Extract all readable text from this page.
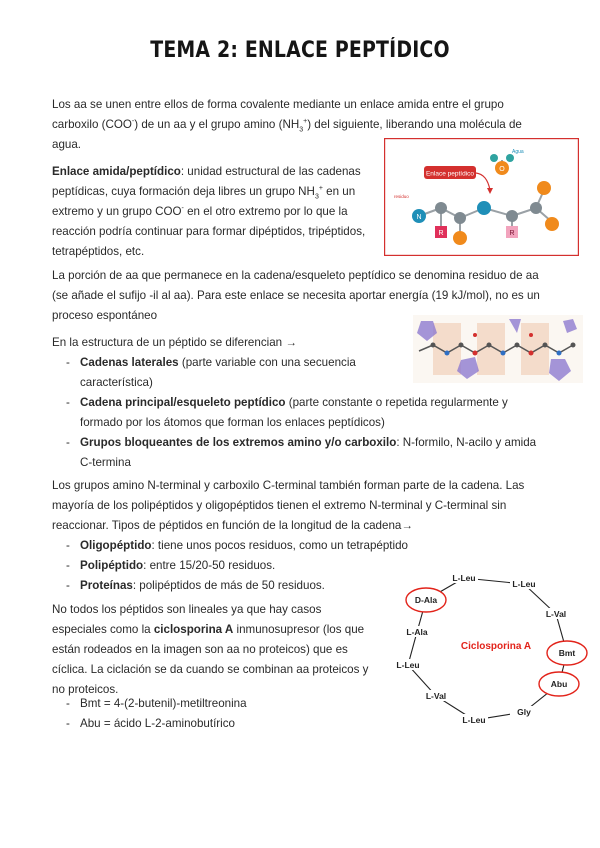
TEMA 2: ENLACE PEPTÍDICO

Los aa se unen entre ellos de forma covalente mediante un enlace amida entre el grupo carboxilo (COO-) de un aa y el grupo amino $(NH_3^+)$ del siguiente, liberando una molécula de agua.

Enlace amida/peptídico: unidad estructural de las cadenas peptídicas, cuya formación deja libres un grupo $NH_3^+$ en un extremo y un grupo COO- en el otro extremo por lo que la reacción podría continuar para formar dipéptidos, tripéptidos, tetrapéptidos, etc.

Enlace peptídico
Agua
residuo
N
R	R
O

La porción de aa que permanece en la cadena/esqueleto peptídico se denomina residuo de aa (se añade el sufijo -il al aa). Para este enlace se necesita aportar energía (19 kJ/mol), no es un proceso espontáneo

En la estructura de un péptido se diferencian →

- Cadenas laterales (parte variable con una secuencia característica)
- Cadena principal/esqueleto peptídico (parte constante o repetida regularmente y formado por los átomos que forman los enlaces peptídicos)
- Grupos bloqueantes de los extremos amino y/o carboxilo: N-formilo, N-acilo y amida C-termina

Los grupos amino N-terminal y carboxilo C-terminal también forman parte de la cadena. Las mayoría de los polipéptidos y oligopéptidos tienen el extremo N-terminal y C-terminal sin reaccionar. Tipos de péptidos en función de la longitud de la cadena→

- Oligopéptido: tiene unos pocos residuos, como un tetrapéptido
- Polipéptido: entre 15/20-50 residuos.
- Proteínas: polipéptidos de más de 50 residuos.

No todos los péptidos son lineales ya que hay casos especiales como la ciclosporina A inmunosupresor (los que están rodeados en la imagen son aa no proteicos) que es cíclica. La ciclación se da cuando se combinan aa proteicos y no proteicos.

- Bmt = 4-(2-butenil)-metiltreonina
- Abu = ácido L-2-aminobutírico
Ciclosporina A
L-Leu
L-Leu
L-Val
Bmt
Abu
Gly
L-Leu
L-Val
L-Leu
L-Ala
D-Ala
